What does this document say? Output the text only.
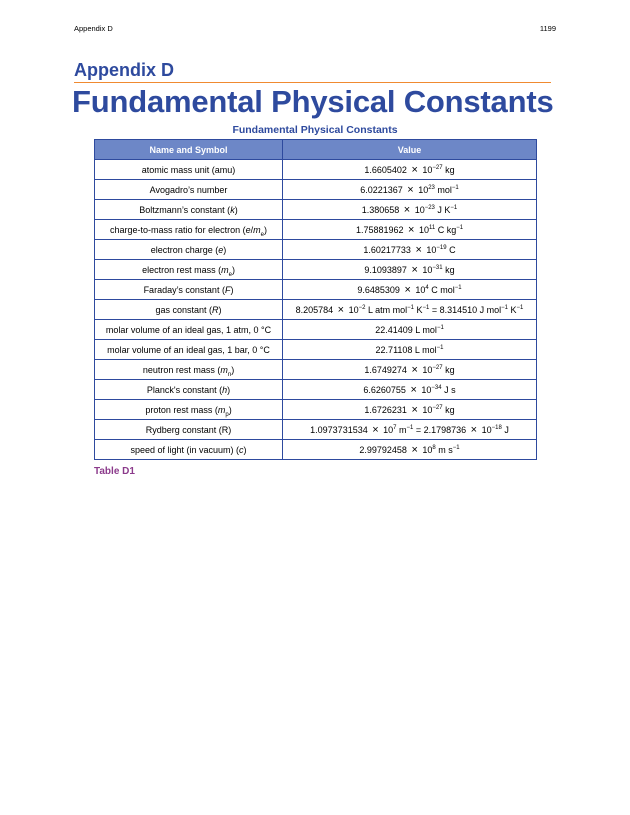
Appendix D	1199
Appendix D
Fundamental Physical Constants
Fundamental Physical Constants
Name and Symbol	Value
atomic mass unit (amu)	$1.6605402 \times 10^{-27}$ kg
Avogadro’s number	$6.0221367 \times 10^{23}$ mol$^{-1}$
Boltzmann’s constant (k)	$1.380658 \times 10^{-23}$ J $K^{-1}$
charge-to-mass ratio for electron $(e/m_e)$	$1.75881962 \times 10^{11}$ C $kg^{-1}$
electron charge (e)	$1.60217733 \times 10^{-19}$ C
electron rest mass $(m_e)$	$9.1093897 \times 10^{-31}$ kg
Faraday’s constant (F)	$9.6485309 \times 10^4$ C mol$^{-1}$
gas constant (R)	$8.205784 \times 10^{-2}$ L atm mol$^{-1}$ $K^{-1} = 8.314510$ J mol$^{-1}$ $K^{-1}$
molar volume of an ideal gas, 1 atm, 0 °C	22.41409 L mol$^{-1}$
molar volume of an ideal gas, 1 bar, 0 °C	22.71108 L mol$^{-1}$
neutron rest mass $(m_n)$	$1.6749274 \times 10^{-27}$ kg
Planck's constant (h)	$6.6260755 \times 10^{-34}$ J s
proton rest mass $(m_p)$	$1.6726231 \times 10^{-27}$ kg
Rydberg constant (R)	$1.0973731534 \times 10^7$ $m^{-1} = 2.1798736 \times 10^{-18}$ J
speed of light (in vacuum) (c)	$2.99792458 \times 10^8$ m $s^{-1}$
Table D1
